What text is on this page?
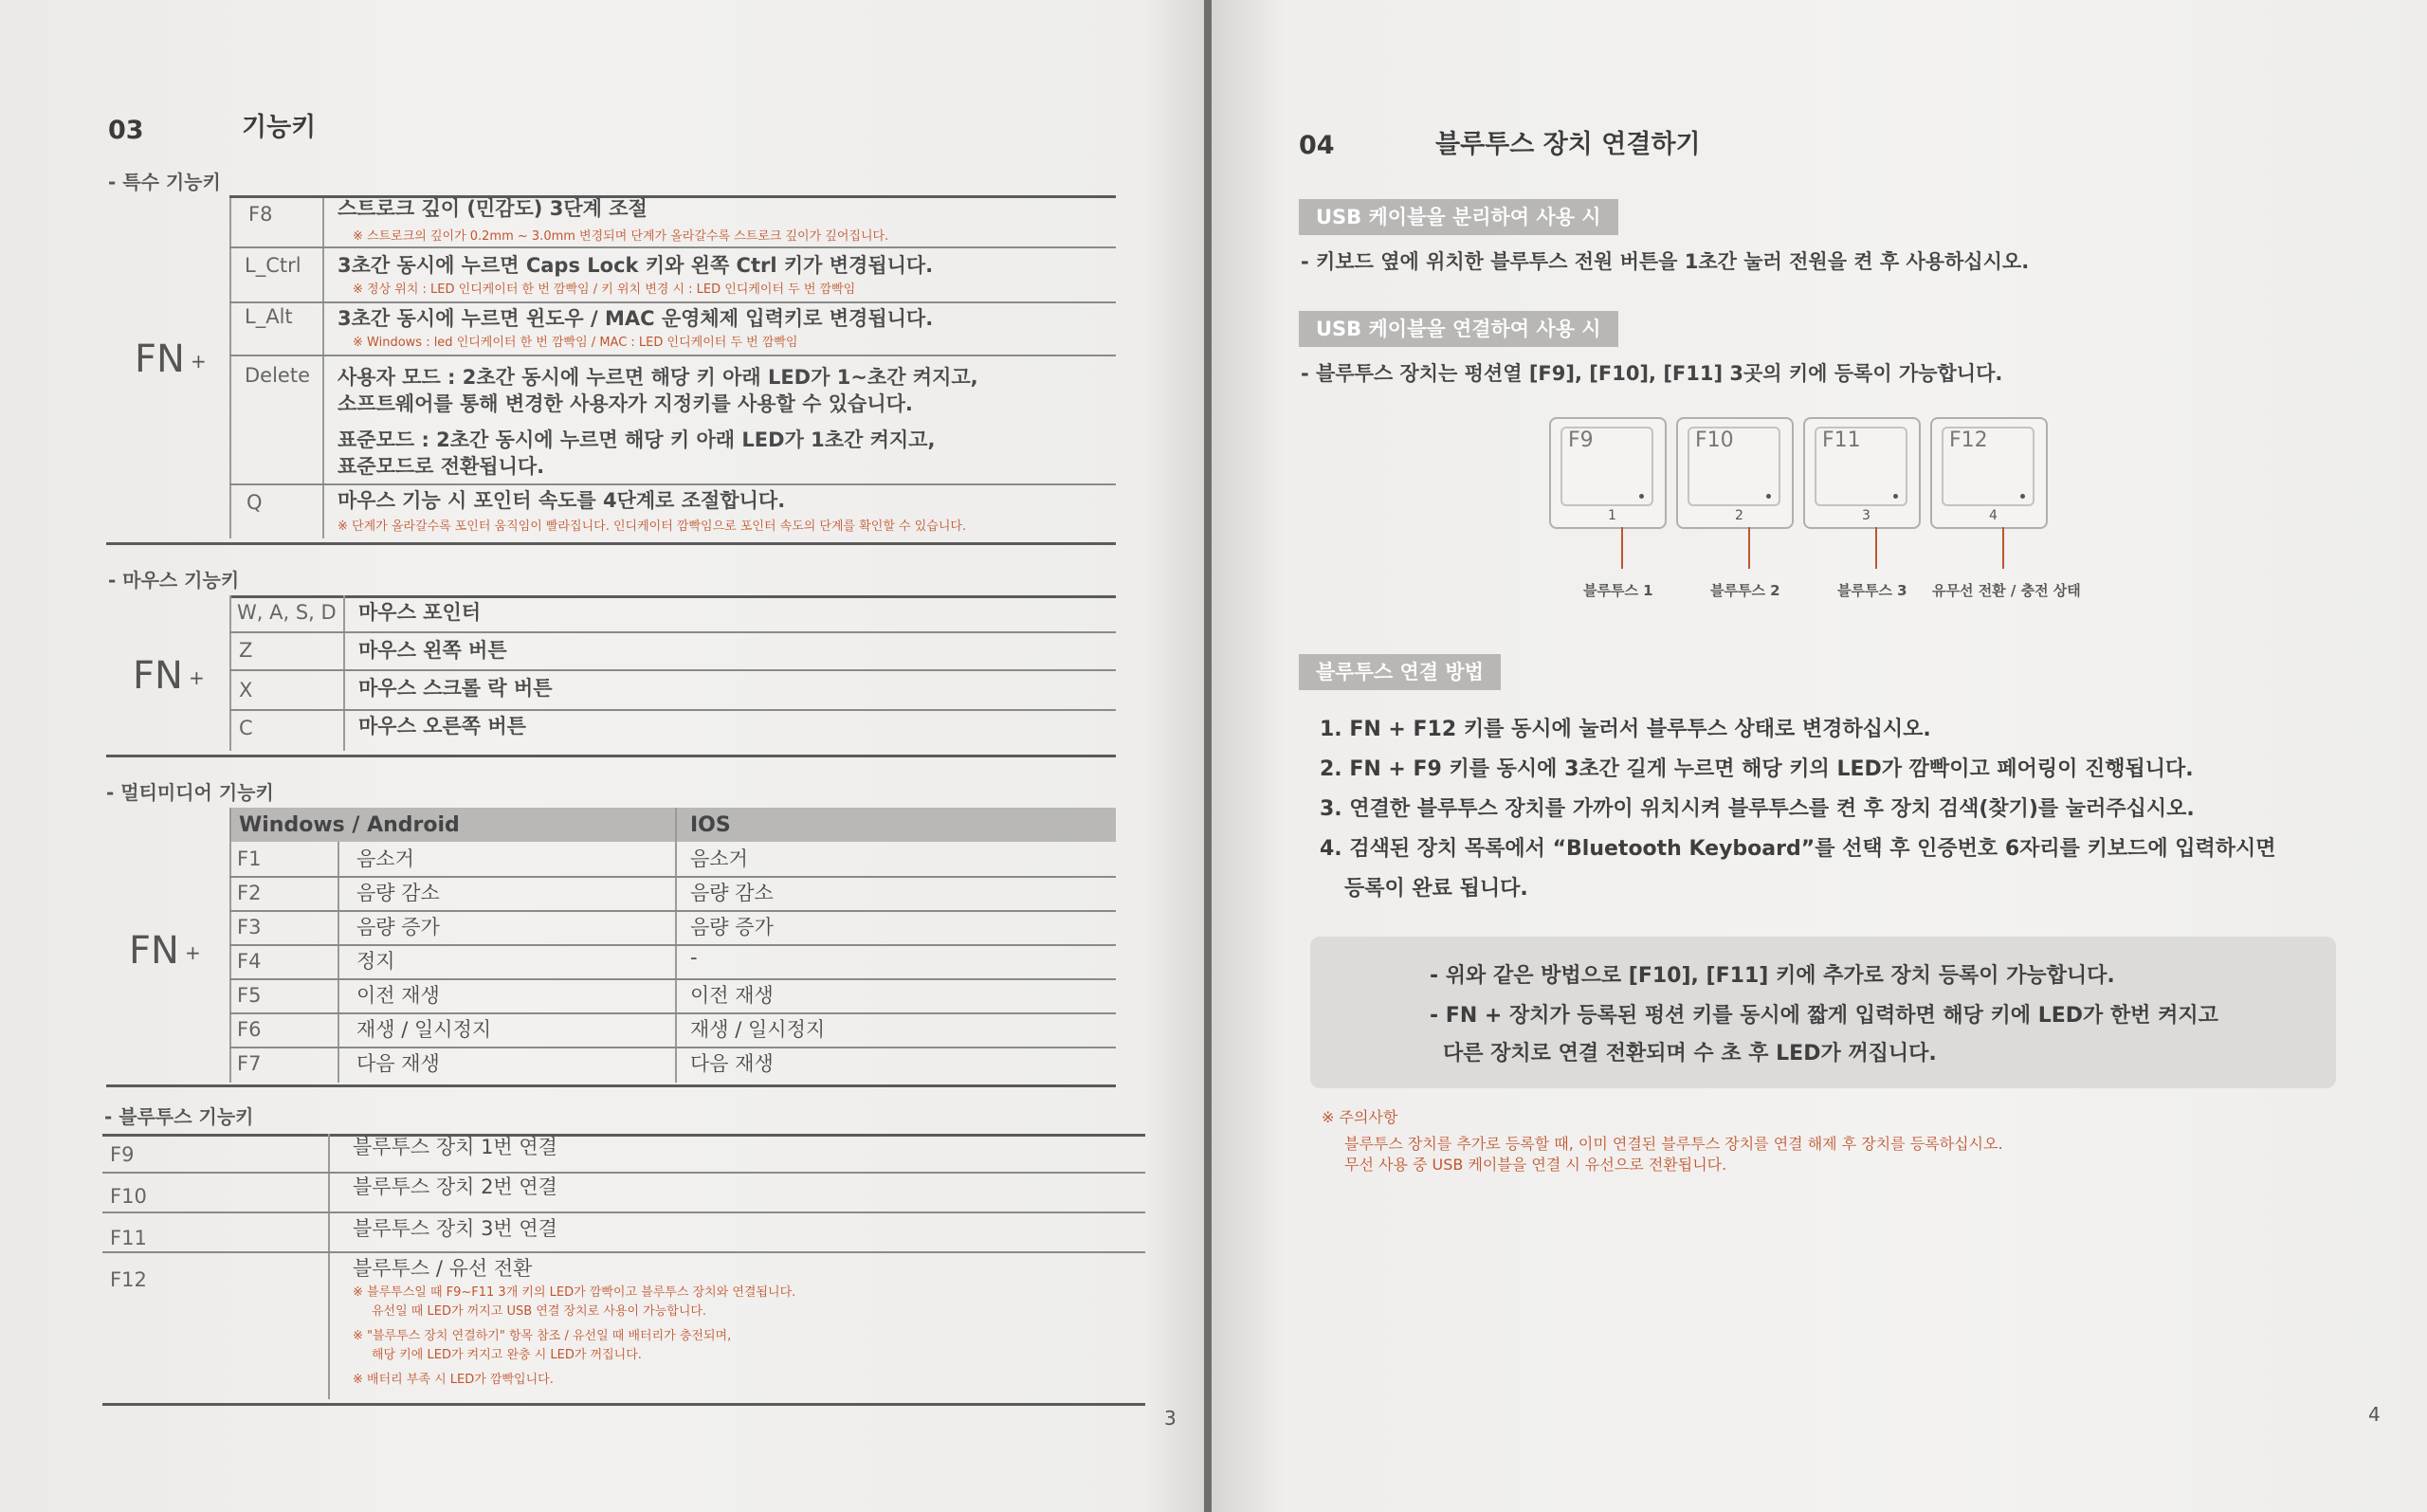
03	기능키
- 특수 기능키
FN +
F8	스트로크 깊이 (민감도) 3단계 조절
※ 스트로크의 깊이가 0.2mm ~ 3.0mm 변경되며 단계가 올라갈수록 스트로크 깊이가 깊어집니다.
L_Ctrl 3초간 동시에 누르면 Caps Lock 키와 왼쪽 Ctrl 키가 변경됩니다.
※ 정상 위치 : LED 인디케이터 한 번 깜빡임 / 키 위치 변경 시 : LED 인디케이터 두 번 깜빡임
L_Alt 3초간 동시에 누르면 윈도우 / MAC 운영체제 입력키로 변경됩니다.
※ Windows : led 인디케이터 한 번 깜빡임 / MAC : LED 인디케이터 두 번 깜빡임
Delete 사용자 모드 : 2초간 동시에 누르면 해당 키 아래 LED가 1~초간 켜지고,
소프트웨어를 통해 변경한 사용자가 지정키를 사용할 수 있습니다.
표준모드 : 2초간 동시에 누르면 해당 키 아래 LED가 1초간 켜지고,
표준모드로 전환됩니다.
Q	마우스 기능 시 포인터 속도를 4단계로 조절합니다.
※ 단계가 올라갈수록 포인터 움직임이 빨라집니다. 인디케이터 깜빡임으로 포인터 속도의 단계를 확인할 수 있습니다.
- 마우스 기능키
FN +
W, A, S, D 마우스 포인터
Z	마우스 왼쪽 버튼
X	마우스 스크롤 락 버튼
C	마우스 오른쪽 버튼
- 멀티미디어 기능키
Windows / Android	IOS
FN +
F1	음소거	음소거
F2	음량 감소	음량 감소
F3	음량 증가	음량 증가
F4	정지	-
F5	이전 재생	이전 재생
F6	재생 / 일시정지	재생 / 일시정지
F7	다음 재생	다음 재생
- 블루투스 기능키
F9	블루투스 장치 1번 연결
F10	블루투스 장치 2번 연결
F11	블루투스 장치 3번 연결
F12	블루투스 / 유선 전환
※ 블루투스일 때 F9~F11 3개 키의 LED가 깜빡이고 블루투스 장치와 연결됩니다.
유선일 때 LED가 꺼지고 USB 연결 장치로 사용이 가능합니다.
※ "블루투스 장치 연결하기" 항목 참조 / 유선일 때 배터리가 충전되며,
해당 키에 LED가 켜지고 완충 시 LED가 꺼집니다.
※ 배터리 부족 시 LED가 깜빡입니다.
3
04	블루투스 장치 연결하기
USB 케이블을 분리하여 사용 시
- 키보드 옆에 위치한 블루투스 전원 버튼을 1초간 눌러 전원을 켠 후 사용하십시오.
USB 케이블을 연결하여 사용 시
- 블루투스 장치는 펑션열 [F9], [F10], [F11] 3곳의 키에 등록이 가능합니다.
F9
1
F10
2
F11
3
F12
4
블루투스 1	블루투스 2	블루투스 3 유무선 전환 / 충전 상태
블루투스 연결 방법
1. FN + F12 키를 동시에 눌러서 블루투스 상태로 변경하십시오.
2. FN + F9 키를 동시에 3초간 길게 누르면 해당 키의 LED가 깜빡이고 페어링이 진행됩니다.
3. 연결한 블루투스 장치를 가까이 위치시켜 블루투스를 켠 후 장치 검색(찾기)를 눌러주십시오.
4. 검색된 장치 목록에서 “Bluetooth Keyboard”를 선택 후 인증번호 6자리를 키보드에 입력하시면
등록이 완료 됩니다.
- 위와 같은 방법으로 [F10], [F11] 키에 추가로 장치 등록이 가능합니다.
- FN + 장치가 등록된 펑션 키를 동시에 짧게 입력하면 해당 키에 LED가 한번 켜지고
다른 장치로 연결 전환되며 수 초 후 LED가 꺼집니다.
※ 주의사항
블루투스 장치를 추가로 등록할 때, 이미 연결된 블루투스 장치를 연결 해제 후 장치를 등록하십시오.
무선 사용 중 USB 케이블을 연결 시 유선으로 전환됩니다.
4
